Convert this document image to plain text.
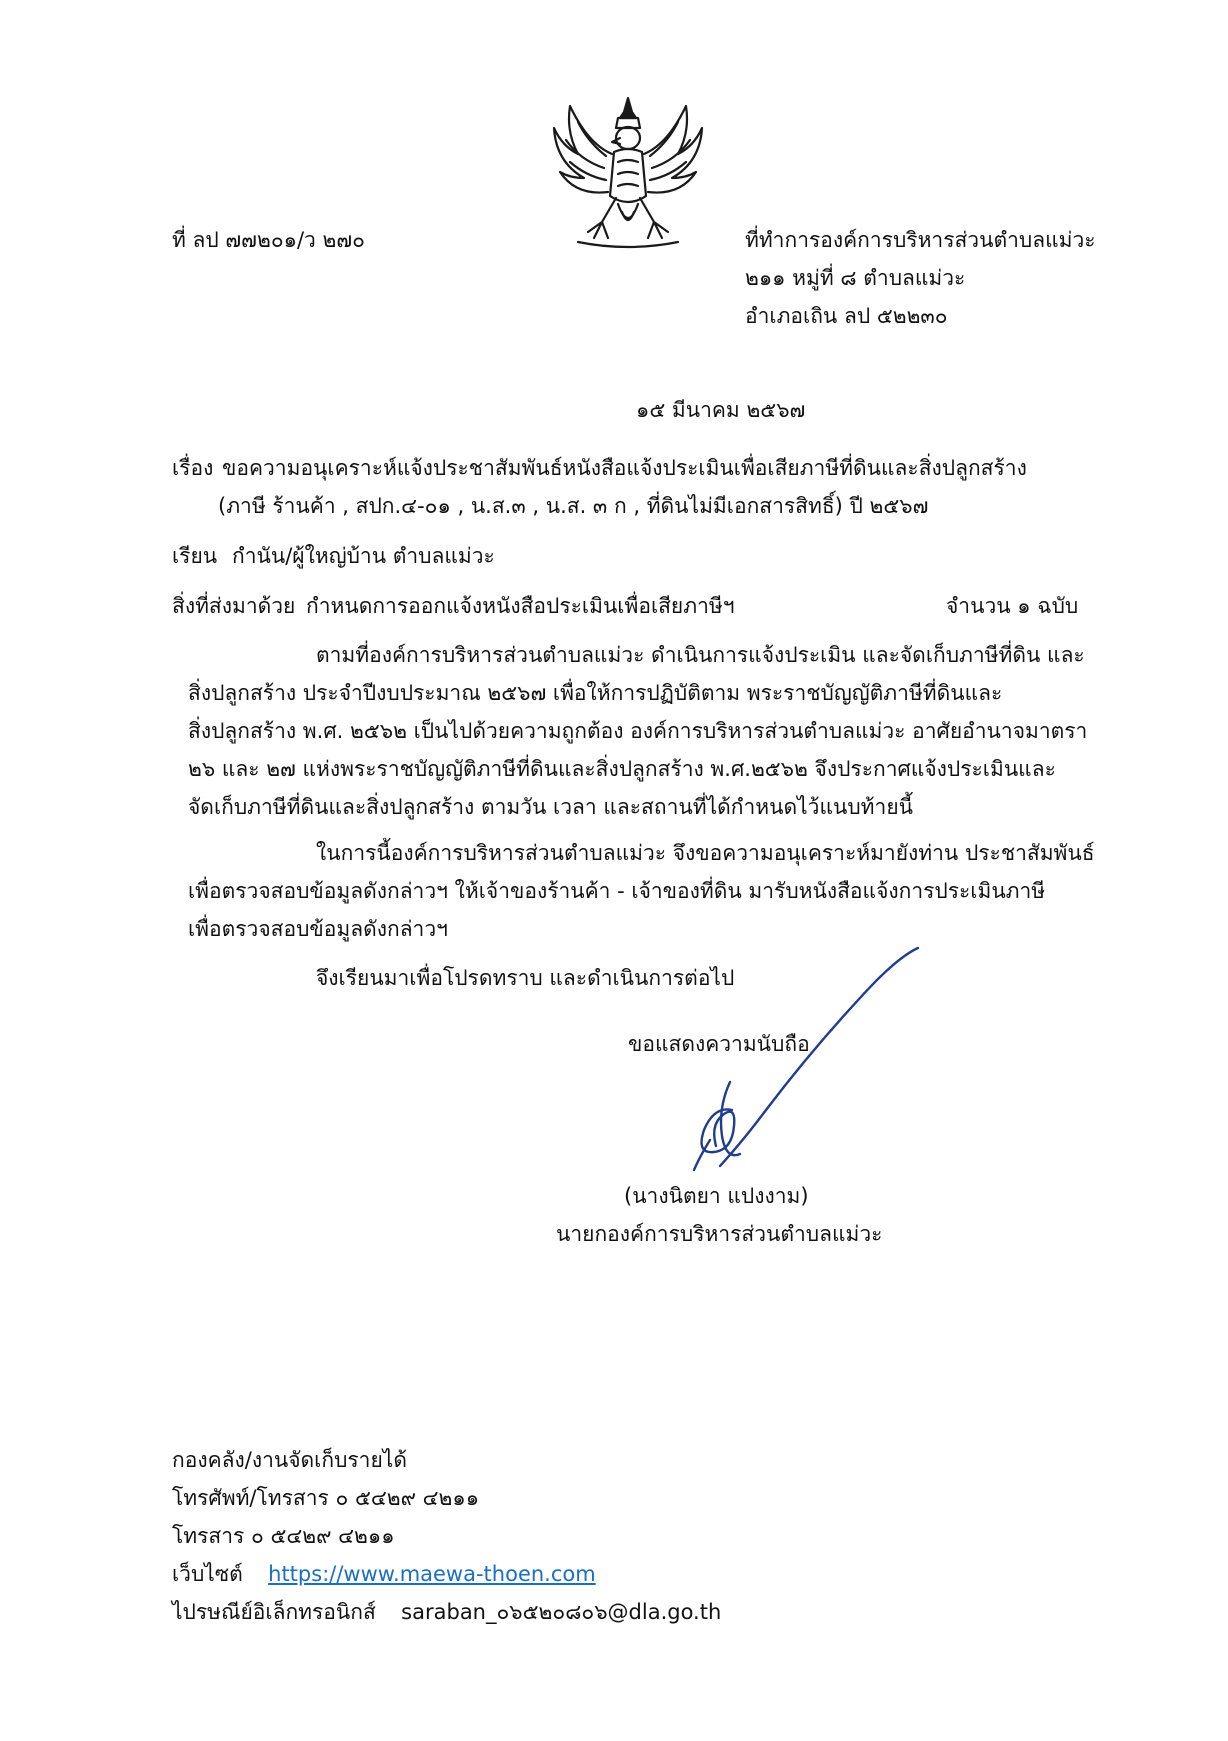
ที่ ลป ๗๗๒๐๑/ว ๒๗๐	ที่ทำการองค์การบริหารส่วนตำบลแม่วะ
๒๑๑ หมู่ที่ ๘ ตำบลแม่วะ
อำเภอเถิน ลป ๕๒๒๓๐
๑๕ มีนาคม ๒๕๖๗
เรื่อง ขอความอนุเคราะห์แจ้งประชาสัมพันธ์หนังสือแจ้งประเมินเพื่อเสียภาษีที่ดินและสิ่งปลูกสร้าง
(ภาษี ร้านค้า , สปก.๔-๐๑ , น.ส.๓ , น.ส. ๓ ก , ที่ดินไม่มีเอกสารสิทธิ์) ปี ๒๕๖๗
เรียน กำนัน/ผู้ใหญ่บ้าน ตำบลแม่วะ
สิ่งที่ส่งมาด้วย กำหนดการออกแจ้งหนังสือประเมินเพื่อเสียภาษีฯ	จำนวน ๑ ฉบับ
ตามที่องค์การบริหารส่วนตำบลแม่วะ ดำเนินการแจ้งประเมิน และจัดเก็บภาษีที่ดิน และ
สิ่งปลูกสร้าง ประจำปีงบประมาณ ๒๕๖๗ เพื่อให้การปฏิบัติตาม พระราชบัญญัติภาษีที่ดินและ
สิ่งปลูกสร้าง พ.ศ. ๒๕๖๒ เป็นไปด้วยความถูกต้อง องค์การบริหารส่วนตำบลแม่วะ อาศัยอำนาจมาตรา
๒๖ และ ๒๗ แห่งพระราชบัญญัติภาษีที่ดินและสิ่งปลูกสร้าง พ.ศ.๒๕๖๒ จึงประกาศแจ้งประเมินและ
จัดเก็บภาษีที่ดินและสิ่งปลูกสร้าง ตามวัน เวลา และสถานที่ได้กำหนดไว้แนบท้ายนี้
ในการนี้องค์การบริหารส่วนตำบลแม่วะ จึงขอความอนุเคราะห์มายังท่าน ประชาสัมพันธ์
เพื่อตรวจสอบข้อมูลดังกล่าวฯ ให้เจ้าของร้านค้า - เจ้าของที่ดิน มารับหนังสือแจ้งการประเมินภาษี
เพื่อตรวจสอบข้อมูลดังกล่าวฯ
จึงเรียนมาเพื่อโปรดทราบ และดำเนินการต่อไป
ขอแสดงความนับถือ
(นางนิตยา แปงงาม)
นายกองค์การบริหารส่วนตำบลแม่วะ
กองคลัง/งานจัดเก็บรายได้
โทรศัพท์/โทรสาร ๐ ๕๔๒๙ ๔๒๑๑
โทรสาร ๐ ๕๔๒๙ ๔๒๑๑
เว็บไซต์ https://www.maewa-thoen.com
ไปรษณีย์อิเล็กทรอนิกส์ saraban_๐๖๕๒๐๘๐๖@dla.go.th
